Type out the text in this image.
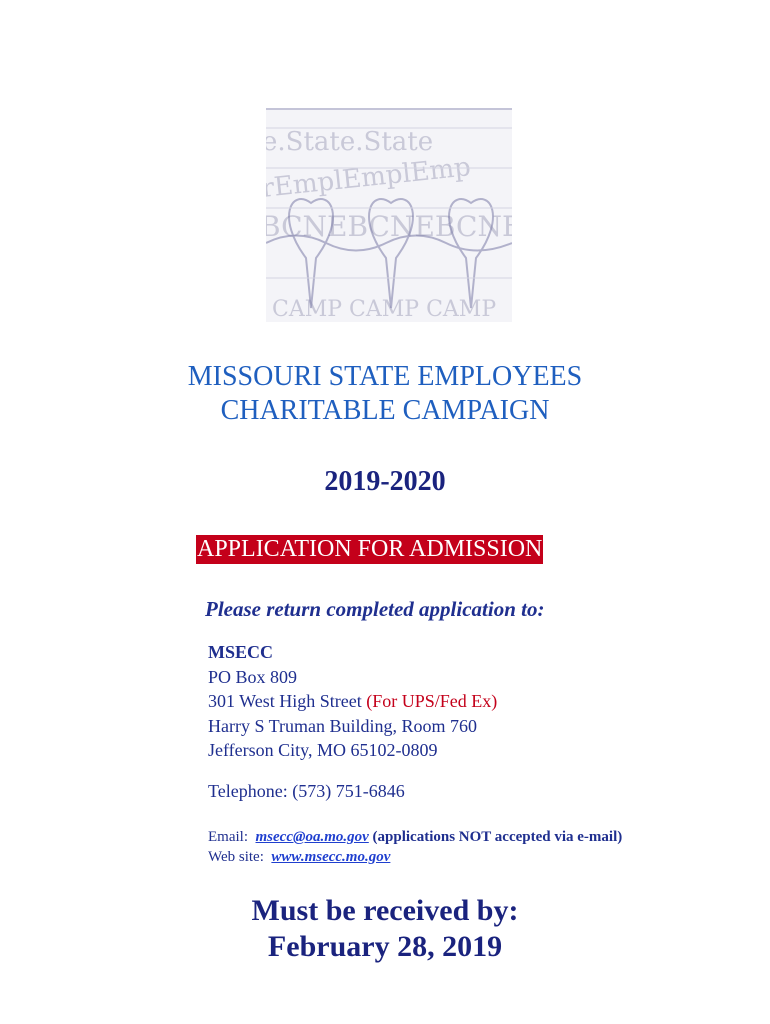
e.State.State
rEmplEmplEmp
BCNEBCNEBCNE
CAMP CAMP CAMP
MISSOURI STATE EMPLOYEES
CHARITABLE CAMPAIGN
2019-2020
APPLICATION FOR ADMISSION
Please return completed application to:
MSECC
PO Box 809
301 West High Street (For UPS/Fed Ex)
Harry S Truman Building, Room 760
Jefferson City, MO 65102-0809
Telephone: (573) 751-6846
Email: msecc@oa.mo.gov (applications NOT accepted via e-mail)
Web site: www.msecc.mo.gov
Must be received by:
February 28, 2019
